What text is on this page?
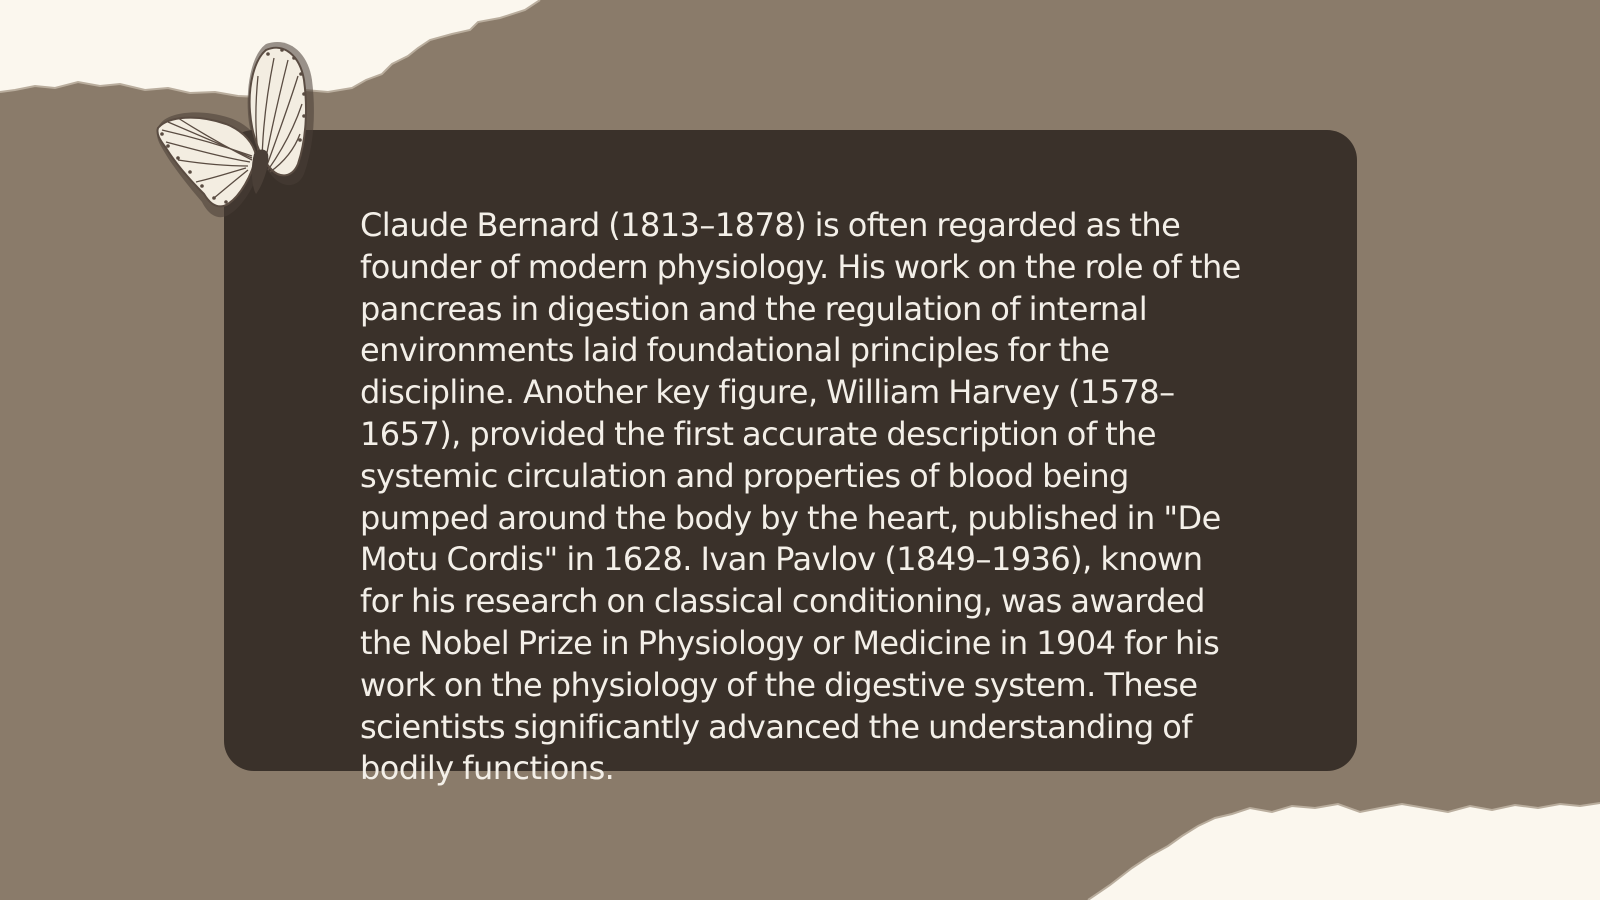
Claude Bernard (1813–1878) is often regarded as the founder of modern physiology. His work on the role of the pancreas in digestion and the regulation of internal environments laid foundational principles for the discipline. Another key figure, William Harvey (1578–1657), provided the first accurate description of the systemic circulation and properties of blood being pumped around the body by the heart, published in "De Motu Cordis" in 1628. Ivan Pavlov (1849–1936), known for his research on classical conditioning, was awarded the Nobel Prize in Physiology or Medicine in 1904 for his work on the physiology of the digestive system. These scientists significantly advanced the understanding of bodily functions.
